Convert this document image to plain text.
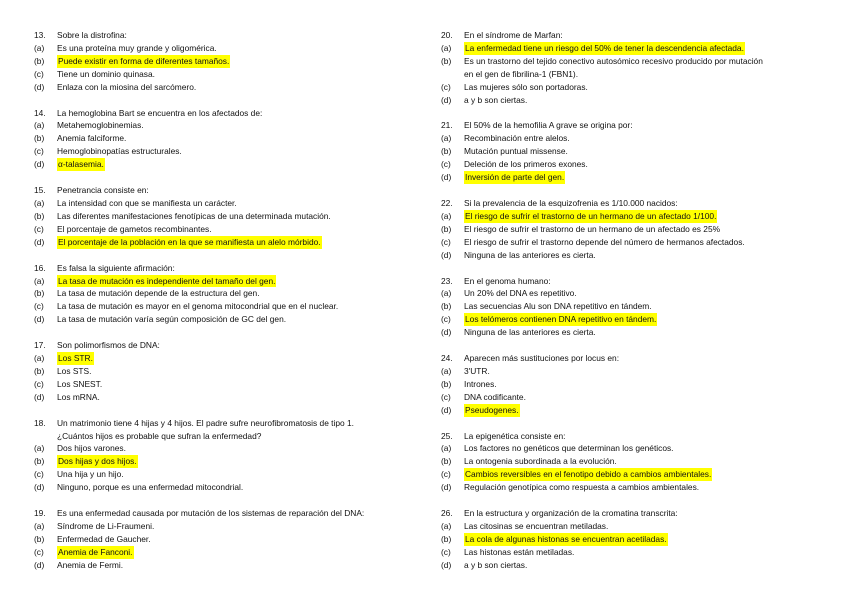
13.	Sobre la distrofina:
(a)	Es una proteína muy grande y oligomérica.
(b)	Puede existir en forma de diferentes tamaños.
(c)	Tiene un dominio quinasa.
(d)	Enlaza con la miosina del sarcómero.
14.	La hemoglobina Bart se encuentra en los afectados de:
(a)	Metahemoglobinemias.
(b)	Anemia falciforme.
(c)	Hemoglobinopatías estructurales.
(d)	α-talasemia.
15.	Penetrancia consiste en:
(a)	La intensidad con que se manifiesta un carácter.
(b)	Las diferentes manifestaciones fenotípicas de una determinada mutación.
(c)	El porcentaje de gametos recombinantes.
(d)	El porcentaje de la población en la que se manifiesta un alelo mórbido.
16.	Es falsa la siguiente afirmación:
(a)	La tasa de mutación es independiente del tamaño del gen.
(b)	La tasa de mutación depende de la estructura del gen.
(c)	La tasa de mutación es mayor en el genoma mitocondrial que en el nuclear.
(d)	La tasa de mutación varía según composición de GC del gen.
17.	Son polimorfismos de DNA:
(a)	Los STR.
(b)	Los STS.
(c)	Los SNESТ.
(d)	Los mRNA.
18.	Un matrimonio tiene 4 hijas y 4 hijos. El padre sufre neurofibromatosis de tipo 1.
¿Cuántos hijos es probable que sufran la enfermedad?
(a)	Dos hijos varones.
(b)	Dos hijas y dos hijos.
(c)	Una hija y un hijo.
(d)	Ninguno, porque es una enfermedad mitocondrial.
19.	Es una enfermedad causada por mutación de los sistemas de reparación del DNA:
(a)	Síndrome de Li-Fraumeni.
(b)	Enfermedad de Gaucher.
(c)	Anemia de Fanconi.
(d)	Anemia de Fermi.
20.	En el síndrome de Marfan:
(a)	La enfermedad tiene un riesgo del 50% de tener la descendencia afectada.
(b)	Es un trastorno del tejido conectivo autosómico recesivo producido por mutación
en el gen de fibrilina-1 (FBN1).
(c)	Las mujeres sólo son portadoras.
(d)	a y b son ciertas.
21.	El 50% de la hemofilia A grave se origina por:
(a)	Recombinación entre alelos.
(b)	Mutación puntual missense.
(c)	Deleción de los primeros exones.
(d)	Inversión de parte del gen.
22.	Si la prevalencia de la esquizofrenia es 1/10.000 nacidos:
(a)	El riesgo de sufrir el trastorno de un hermano de un afectado 1/100.
(b)	El riesgo de sufrir el trastorno de un hermano de un afectado es 25%
(c)	El riesgo de sufrir el trastorno depende del número de hermanos afectados.
(d)	Ninguna de las anteriores es cierta.
23.	En el genoma humano:
(a)	Un 20% del DNA es repetitivo.
(b)	Las secuencias Alu son DNA repetitivo en tándem.
(c)	Los telómeros contienen DNA repetitivo en tándem.
(d)	Ninguna de las anteriores es cierta.
24.	Aparecen más sustituciones por locus en:
(a)	3'UTR.
(b)	Intrones.
(c)	DNA codificante.
(d)	Pseudogenes.
25.	La epigenética consiste en:
(a)	Los factores no genéticos que determinan los genéticos.
(b)	La ontogenia subordinada a la evolución.
(c)	Cambios reversibles en el fenotipo debido a cambios ambientales.
(d)	Regulación genotípica como respuesta a cambios ambientales.
26.	En la estructura y organización de la cromatina transcrita:
(a)	Las citosinas se encuentran metiladas.
(b)	La cola de algunas histonas se encuentran acetiladas.
(c)	Las histonas están metiladas.
(d)	a y b son ciertas.
